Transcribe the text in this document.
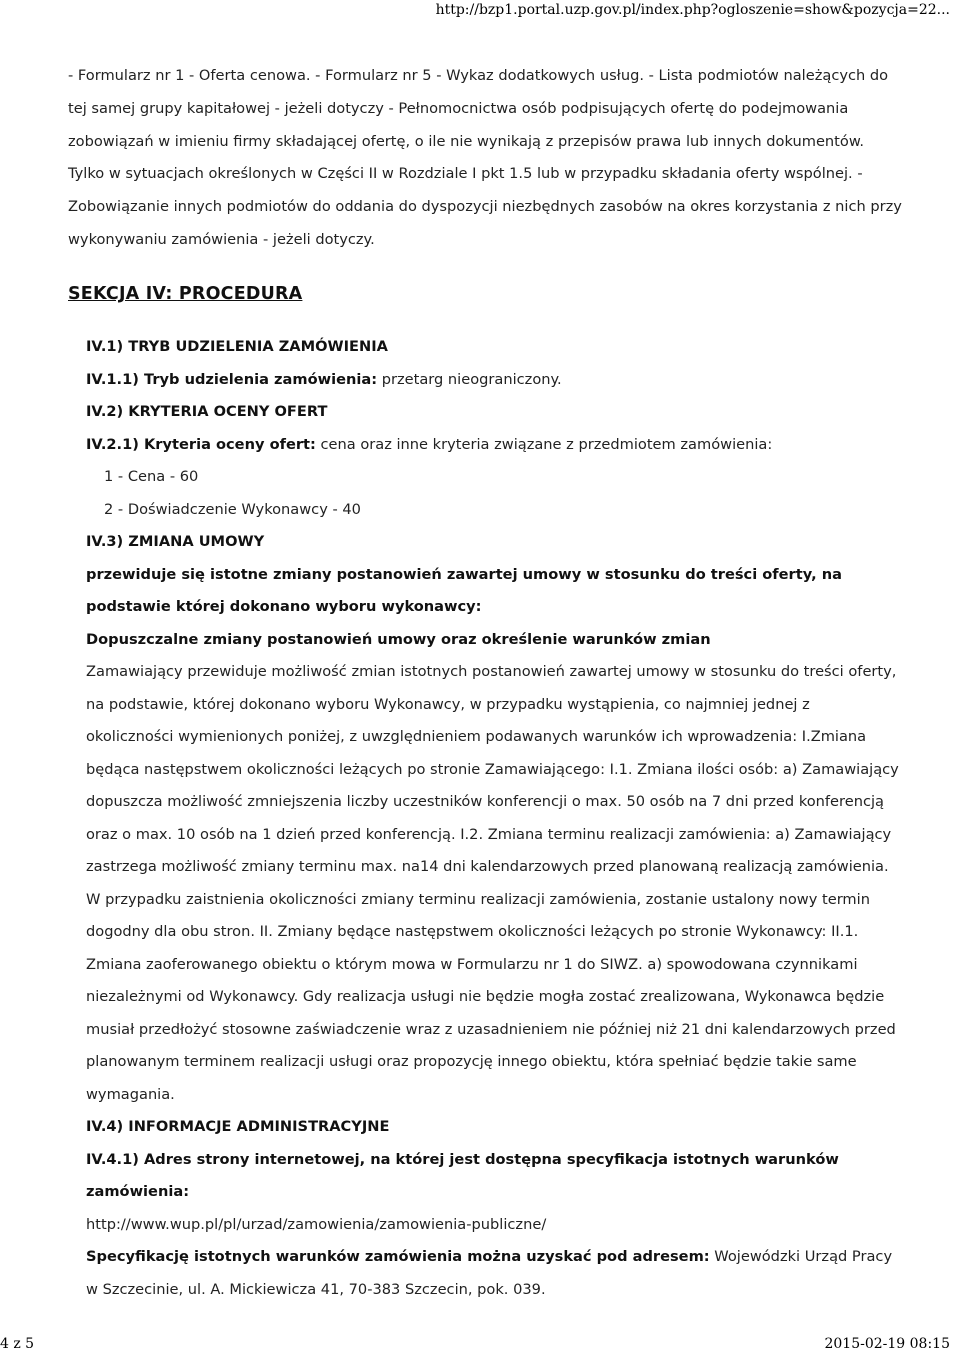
http://bzp1.portal.uzp.gov.pl/index.php?ogloszenie=show&pozycja=22...
- Formularz nr 1 - Oferta cenowa. - Formularz nr 5 - Wykaz dodatkowych usług. - Lista podmiotów należących do tej samej grupy kapitałowej - jeżeli dotyczy - Pełnomocnictwa osób podpisujących ofertę do podejmowania zobowiązań w imieniu firmy składającej ofertę, o ile nie wynikają z przepisów prawa lub innych dokumentów. Tylko w sytuacjach określonych w Części II w Rozdziale I pkt 1.5 lub w przypadku składania oferty wspólnej. - Zobowiązanie innych podmiotów do oddania do dyspozycji niezbędnych zasobów na okres korzystania z nich przy wykonywaniu zamówienia - jeżeli dotyczy.
SEKCJA IV: PROCEDURA

IV.1) TRYB UDZIELENIA ZAMÓWIENIA

IV.1.1) Tryb udzielenia zamówienia: przetarg nieograniczony.

IV.2) KRYTERIA OCENY OFERT

IV.2.1) Kryteria oceny ofert: cena oraz inne kryteria związane z przedmiotem zamówienia:

1 - Cena - 60

2 - Doświadczenie Wykonawcy - 40

IV.3) ZMIANA UMOWY

przewiduje się istotne zmiany postanowień zawartej umowy w stosunku do treści oferty, na podstawie której dokonano wyboru wykonawcy:

Dopuszczalne zmiany postanowień umowy oraz określenie warunków zmian

Zamawiający przewiduje możliwość zmian istotnych postanowień zawartej umowy w stosunku do treści oferty, na podstawie, której dokonano wyboru Wykonawcy, w przypadku wystąpienia, co najmniej jednej z okoliczności wymienionych poniżej, z uwzględnieniem podawanych warunków ich wprowadzenia: I.Zmiana będąca następstwem okoliczności leżących po stronie Zamawiającego: I.1. Zmiana ilości osób: a) Zamawiający dopuszcza możliwość zmniejszenia liczby uczestników konferencji o max. 50 osób na 7 dni przed konferencją oraz o max. 10 osób na 1 dzień przed konferencją. I.2. Zmiana terminu realizacji zamówienia: a) Zamawiający zastrzega możliwość zmiany terminu max. na14 dni kalendarzowych przed planowaną realizacją zamówienia. W przypadku zaistnienia okoliczności zmiany terminu realizacji zamówienia, zostanie ustalony nowy termin dogodny dla obu stron. II. Zmiany będące następstwem okoliczności leżących po stronie Wykonawcy: II.1. Zmiana zaoferowanego obiektu o którym mowa w Formularzu nr 1 do SIWZ. a) spowodowana czynnikami niezależnymi od Wykonawcy. Gdy realizacja usługi nie będzie mogła zostać zrealizowana, Wykonawca będzie musiał przedłożyć stosowne zaświadczenie wraz z uzasadnieniem nie później niż 21 dni kalendarzowych przed planowanym terminem realizacji usługi oraz propozycję innego obiektu, która spełniać będzie takie same wymagania.

IV.4) INFORMACJE ADMINISTRACYJNE

IV.4.1) Adres strony internetowej, na której jest dostępna specyfikacja istotnych warunków zamówienia:

http://www.wup.pl/pl/urzad/zamowienia/zamowienia-publiczne/

Specyfikację istotnych warunków zamówienia można uzyskać pod adresem: Wojewódzki Urząd Pracy w Szczecinie, ul. A. Mickiewicza 41, 70-383 Szczecin, pok. 039.

4 z 5	2015-02-19 08:15
